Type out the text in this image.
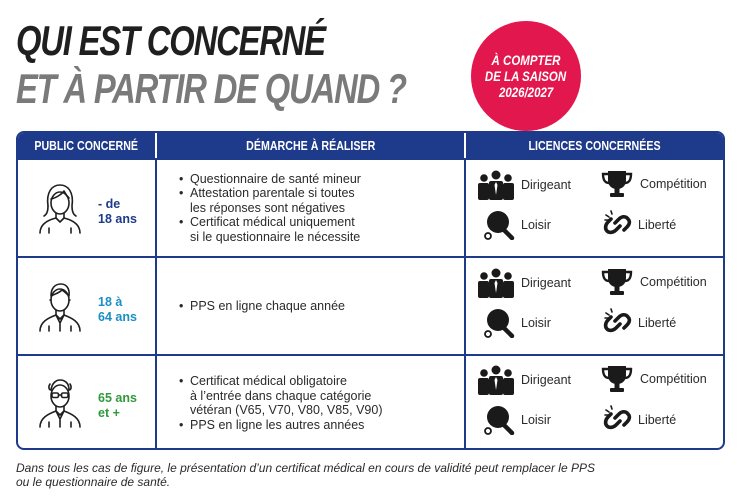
QUI EST CONCERNÉ
ET À PARTIR DE QUAND ?
À COMPTER
DE LA SAISON
2026/2027
PUBLIC CONCERNÉ	DÉMARCHE À RÉALISER	LICENCES CONCERNÉES
- de
18 ans
• Questionnaire de santé mineur
• Attestation parentale si toutes
les réponses sont négatives
• Certificat médical uniquement
si le questionnaire le nécessite
Dirigeant	Compétition
Loisir	Liberté
18 à
64 ans
• PPS en ligne chaque année
Dirigeant	Compétition
Loisir	Liberté
65 ans
et +
• Certificat médical obligatoire
à l’entrée dans chaque catégorie
vétéran (V65, V70, V80, V85, V90)
• PPS en ligne les autres années
Dirigeant	Compétition
Loisir	Liberté
Dans tous les cas de figure, le présentation d’un certificat médical en cours de validité peut remplacer le PPS
ou le questionnaire de santé.
